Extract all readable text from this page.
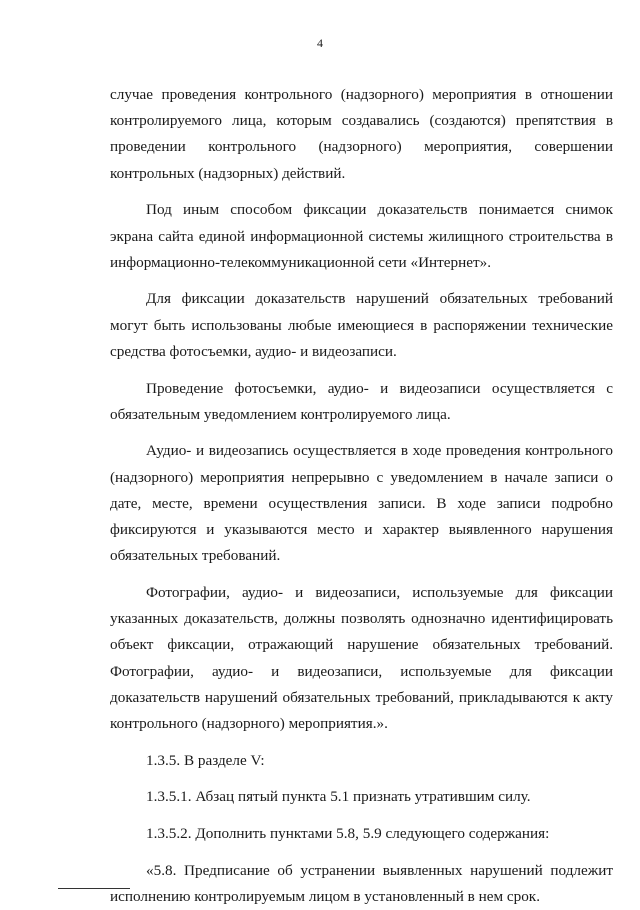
4

случае проведения контрольного (надзорного) мероприятия в отношении контролируемого лица, которым создавались (создаются) препятствия в проведении контрольного (надзорного) мероприятия, совершении контрольных (надзорных) действий.

Под иным способом фиксации доказательств понимается снимок экрана сайта единой информационной системы жилищного строительства в информационно-телекоммуникационной сети «Интернет».

Для фиксации доказательств нарушений обязательных требований могут быть использованы любые имеющиеся в распоряжении технические средства фотосъемки, аудио- и видеозаписи.

Проведение фотосъемки, аудио- и видеозаписи осуществляется с обязательным уведомлением контролируемого лица.

Аудио- и видеозапись осуществляется в ходе проведения контрольного (надзорного) мероприятия непрерывно с уведомлением в начале записи о дате, месте, времени осуществления записи. В ходе записи подробно фиксируются и указываются место и характер выявленного нарушения обязательных требований.

Фотографии, аудио- и видеозаписи, используемые для фиксации указанных доказательств, должны позволять однозначно идентифицировать объект фиксации, отражающий нарушение обязательных требований. Фотографии, аудио- и видеозаписи, используемые для фиксации доказательств нарушений обязательных требований, прикладываются к акту контрольного (надзорного) мероприятия.».

1.3.5. В разделе V:

1.3.5.1. Абзац пятый пункта 5.1 признать утратившим силу.

1.3.5.2. Дополнить пунктами 5.8, 5.9 следующего содержания:

«5.8. Предписание об устранении выявленных нарушений подлежит исполнению контролируемым лицом в установленный в нем срок.
